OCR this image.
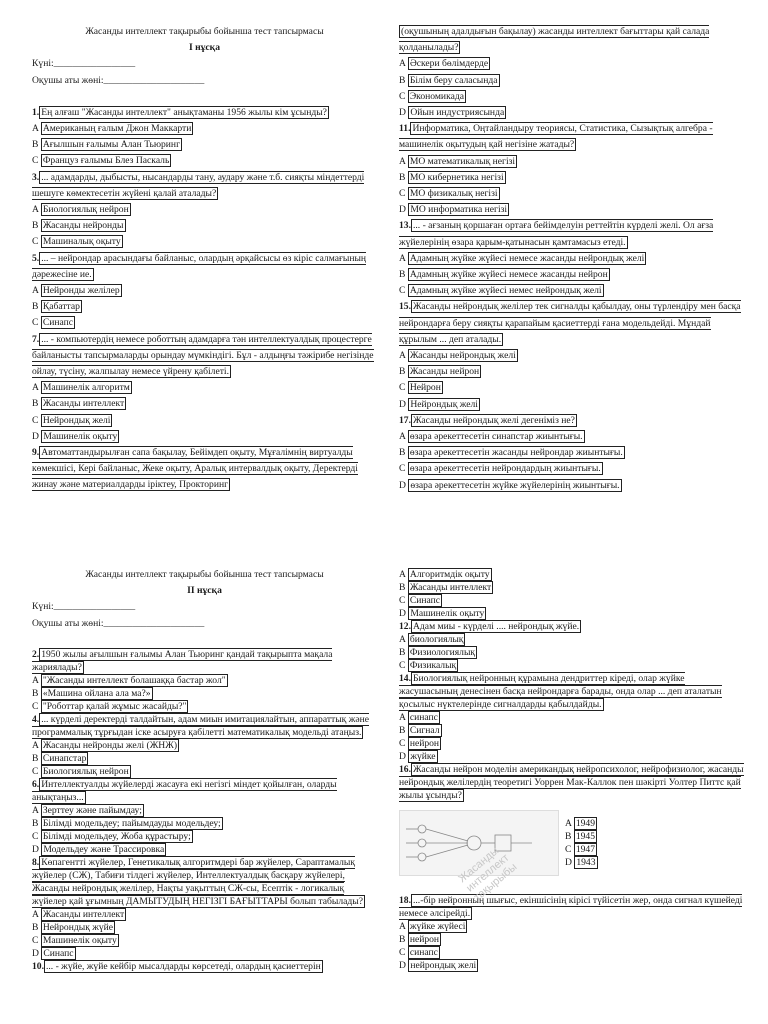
Жасанды интеллект тақырыбы бойынша тест тапсырмасы
І нұсқа
Күні:_________________
Оқушы аты жөні:_____________________
1. Ең алғаш "Жасанды интеллект" анықтаманы 1956 жылы кім ұсынды?
A Американың ғалым Джон Маккарти
B Ағылшын ғалымы Алан Тьюринг
C Француз ғалымы Блез Паскаль
3. ... адамдарды, дыбысты, нысандарды тану, аудару және т.б. сияқты міндеттерді шешуге көмектесетін жүйені қалай аталады?
A Биологиялық нейрон
B Жасанды нейронды
C Машиналық оқыту
5. ... – нейрондар арасындағы байланыс, олардың әрқайсысы өз кіріс салмағының дәрежесіне ие.
A Нейронды желілер
B Қабаттар
C Синапс
7. ... - компьютердің немесе роботтың адамдарға тән интеллектуалдық процестерге байланысты тапсырмаларды орындау мүмкіндігі. Бұл - алдыңғы тәжірибе негізінде ойлау, түсіну, жалпылау немесе үйрену қабілеті.
A Машинелік алгоритм
B Жасанды интеллект
C Нейрондық желі
D Машинелік оқыту
9. Автоматтандырылған сапа бақылау, Бейімдеп оқыту, Мұғалімнің виртуалды көмекшісі, Кері байланыс, Жеке оқыту, Аралық интервалдық оқыту, Деректерді жинау және материалдарды іріктеу, Прокторинг
(оқушының адалдығын бақылау) жасанды интеллект бағыттары қай салада қолданылады?
A Әскери бөлімдерде
B Білім беру саласында
C Экономикада
D Ойын индустриясында
11. Информатика, Оңтайландыру теориясы, Статистика, Сызықтық алгебра - машинелік оқытудың қай негізіне жатады?
A МО математикалық негізі
B МО кибернетика негізі
C МО физикалық негізі
D МО информатика негізі
13. ... - ағзаның қоршаған ортаға бейімделуін реттейтін күрделі желі. Ол ағза жүйелерінің өзара қарым-қатынасын қамтамасыз етеді.
A Адамның жүйке жүйесі немесе жасанды нейрондық желі
B Адамның жүйке жүйесі немесе жасанды нейрон
C Адамның жүйке жүйесі немес нейрондық желі
15. Жасанды нейрондық желілер тек сигналды қабылдау, оны түрлендіру мен басқа нейрондарға беру сияқты қарапайым қасиеттерді ғана модельдейді. Мұндай құрылым ... деп аталады.
A Жасанды нейрондық желі
B Жасанды нейрон
C Нейрон
D Нейрондық желі
17. Жасанды нейрондық желі дегеніміз не?
A өзара әрекеттесетін синапстар жиынтығы.
B өзара әрекеттесетін жасанды нейрондар жиынтығы.
C өзара әрекеттесетін нейрондардың жиынтығы.
D өзара әрекеттесетін жүйке жүйелерінің жиынтығы.
Жасанды интеллект тақырыбы бойынша тест тапсырмасы
ІІ нұсқа
Күні:_________________
Оқушы аты жөні:_____________________
2. 1950 жылы ағылшын ғалымы Алан Тьюринг қандай тақырыпта мақала жариялады?
A "Жасанды интеллект болашаққа бастар жол"
B «Машина ойлана ала ма?»
C "Роботтар қалай жұмыс жасайды?"
4. ... күрделі деректерді талдайтын, адам миын имитациялайтын, аппараттық және программалық тұрғыдан іске асыруға қабілетті математикалық модельді атаңыз.
A Жасанды нейронды желі (ЖНЖ)
B Синапстар
C Биологиялық нейрон
6. Интеллектуалды жүйелерді жасауға екі негізгі міндет қойылған, оларды анықтаңыз...
A Зерттеу және пайымдау;
B Білімді модельдеу; пайымдауды модельдеу;
C Білімді модельдеу, Жоба құрастыру;
D Модельдеу және Трассировка
8. Көпагентті жүйелер, Генетикалық алгоритмдері бар жүйелер, Сараптамалық жүйелер (СЖ), Табиғи тілдегі жүйелер, Интеллектуалдық басқару жүйелері, Жасанды нейрондық желілер, Нақты уақыттың СЖ-сы, Есептік - логикалық жүйелер қай ұғымның ДАМЫТУДЫҢ НЕГІЗГІ БАҒЫТТАРЫ болып табылады?
A Жасанды интеллект
B Нейрондық жүйе
C Машинелік оқыту
D Синапс
10. ... - жүйе, жүйе кейбір мысалдарды көрсетеді, олардың қасиеттерін
A Алгоритмдік оқыту
B Жасанды интеллект
C Синапс
D Машинелік оқыту
12. Адам миы - күрделі .... нейрондық жүйе.
A биологиялық
B Физиологиялық
C Физикалық
14. Биологиялық нейронның құрамына дендриттер кіреді, олар жүйке жасушасының денесінен басқа нейрондарға барады, онда олар ... деп аталатын қосылыс нүктелерінде сигналдарды қабылдайды.
A синапс
B Сигнал
C нейрон
D жүйке
16. Жасанды нейрон моделін американдық нейропсихолог, нейрофизиолог, жасанды нейрондық желілердің теоретигі Уоррен Мак-Каллок пен шәкірті Уолтер Питтс қай жылы ұсынды?
Жасанды интеллект тақырыбы
18. ...-бір нейронның шығыс, екіншісінің кірісі түйісетін жер, онда сигнал күшейеді немесе әлсірейді.
A жүйке жүйесі
B нейрон
C синапс
D нейрондық желі
A 1949
B 1945
C 1947
D 1943
